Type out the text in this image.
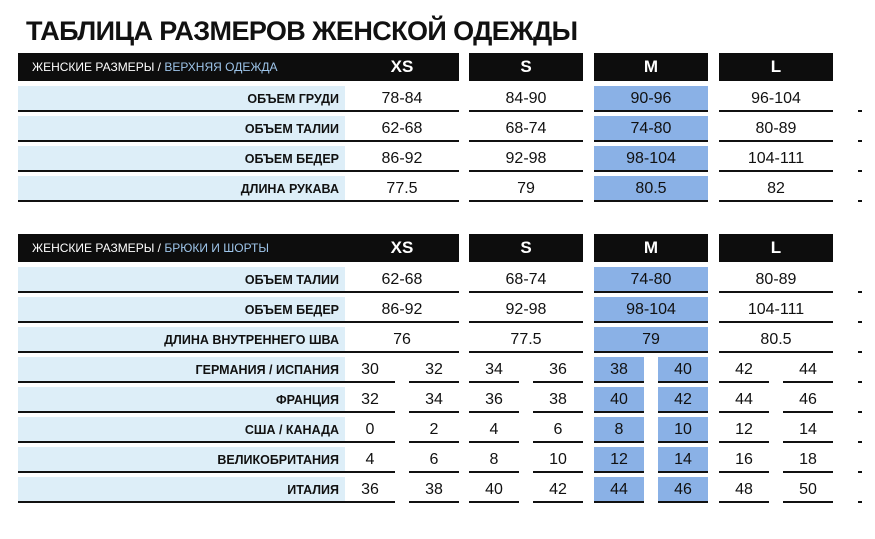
ТАБЛИЦА РАЗМЕРОВ ЖЕНСКОЙ ОДЕЖДЫ
ЖЕНСКИЕ РАЗМЕРЫ / ВЕРХНЯЯ ОДЕЖДА	XS	S	M	L
ОБЪЕМ ГРУДИ	78-84	84-90	90-96	96-104
ОБЪЕМ ТАЛИИ	62-68	68-74	74-80	80-89
ОБЪЕМ БЕДЕР	86-92	92-98	98-104	104-111
ДЛИНА РУКАВА	77.5	79	80.5	82
ЖЕНСКИЕ РАЗМЕРЫ / БРЮКИ И ШОРТЫ	XS	S	M	L
ОБЪЕМ ТАЛИИ	62-68	68-74	74-80	80-89
ОБЪЕМ БЕДЕР	86-92	92-98	98-104	104-111
ДЛИНА ВНУТРЕННЕГО ШВА	76	77.5	79	80.5
ГЕРМАНИЯ / ИСПАНИЯ	30	32	34	36	38	40	42	44
ФРАНЦИЯ	32	34	36	38	40	42	44	46
США / КАНАДА	0	2	4	6	8	10	12	14
ВЕЛИКОБРИТАНИЯ	4	6	8	10	12	14	16	18
ИТАЛИЯ	36	38	40	42	44	46	48	50
